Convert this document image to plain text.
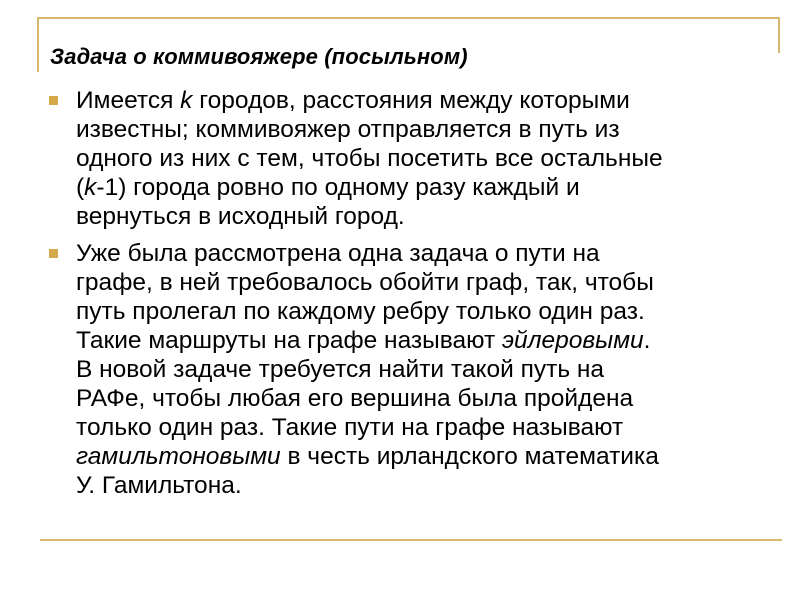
Задача о коммивояжере (посыльном)
Имеется k городов, расстояния между которыми
известны; коммивояжер отправляется в путь из
одного из них с тем, чтобы посетить все остальные
(k-1) города ровно по одному разу каждый и
вернуться в исходный город.
Уже была рассмотрена одна задача о пути на
графе, в ней требовалось обойти граф, так, чтобы
путь пролегал по каждому ребру только один раз.
Такие маршруты на графе называют эйлеровыми.
В новой задаче требуется найти такой путь на
РАФе, чтобы любая его вершина была пройдена
только один раз. Такие пути на графе называют
гамильтоновыми в честь ирландского математика
У. Гамильтона.
